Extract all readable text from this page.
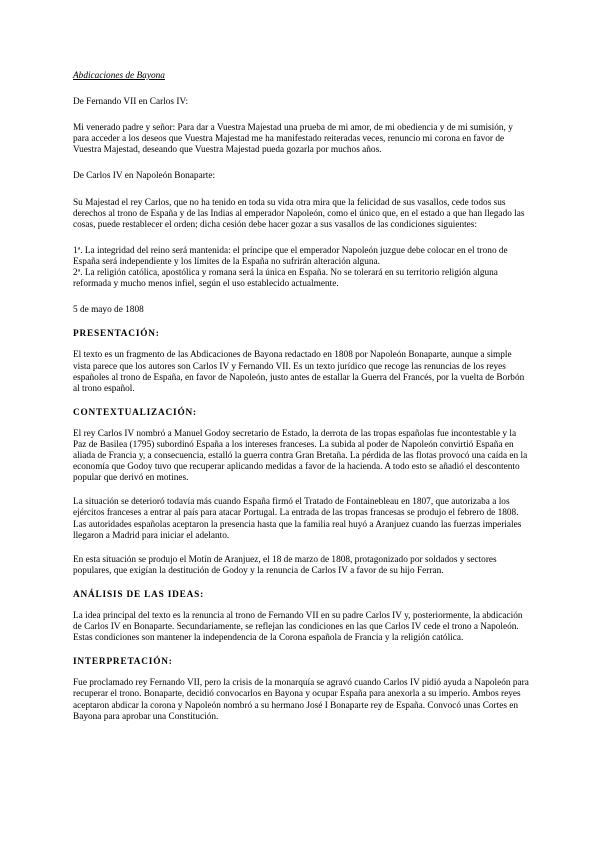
Abdicaciones de Bayona

De Fernando VII en Carlos IV:

Mi venerado padre y señor: Para dar a Vuestra Majestad una prueba de mi amor, de mi obediencia y de mi sumisión, y para acceder a los deseos que Vuestra Majestad me ha manifestado reiteradas veces, renuncio mi corona en favor de Vuestra Majestad, deseando que Vuestra Majestad pueda gozarla por muchos años.

De Carlos IV en Napoleón Bonaparte:

Su Majestad el rey Carlos, que no ha tenido en toda su vida otra mira que la felicidad de sus vasallos, cede todos sus derechos al trono de España y de las Indias al emperador Napoleón, como el único que, en el estado a que han llegado las cosas, puede restablecer el orden; dicha cesión debe hacer gozar a sus vasallos de las condiciones siguientes:

1ª. La integridad del reino será mantenida: el príncipe que el emperador Napoleón juzgue debe colocar en el trono de España será independiente y los límites de la España no sufrirán alteración alguna.

2ª. La religión católica, apostólica y romana será la única en España. No se tolerará en su territorio religión alguna reformada y mucho menos infiel, según el uso establecido actualmente.

5 de mayo de 1808

PRESENTACIÓN:

El texto es un fragmento de las Abdicaciones de Bayona redactado en 1808 por Napoleón Bonaparte, aunque a simple vista parece que los autores son Carlos IV y Fernando VII. Es un texto jurídico que recoge las renuncias de los reyes españoles al trono de España, en favor de Napoleón, justo antes de estallar la Guerra del Francés, por la vuelta de Borbón al trono español.

CONTEXTUALIZACIÓN:

El rey Carlos IV nombró a Manuel Godoy secretario de Estado, la derrota de las tropas españolas fue incontestable y la Paz de Basilea (1795) subordinó España a los intereses franceses. La subida al poder de Napoleón convirtió España en aliada de Francia y, a consecuencia, estalló la guerra contra Gran Bretaña. La pérdida de las flotas provocó una caída en la economía que Godoy tuvo que recuperar aplicando medidas a favor de la hacienda. A todo esto se añadió el descontento popular que derivó en motines.

La situación se deterioró todavía más cuando España firmó el Tratado de Fontainebleau en 1807, que autorizaba a los ejércitos franceses a entrar al país para atacar Portugal. La entrada de las tropas francesas se produjo el febrero de 1808. Las autoridades españolas aceptaron la presencia hasta que la familia real huyó a Aranjuez cuando las fuerzas imperiales llegaron a Madrid para iniciar el adelanto.

En esta situación se produjo el Motín de Aranjuez, el 18 de marzo de 1808, protagonizado por soldados y sectores populares, que exigían la destitución de Godoy y la renuncia de Carlos IV a favor de su hijo Ferran.

ANÁLISIS DE LAS IDEAS:

La idea principal del texto es la renuncia al trono de Fernando VII en su padre Carlos IV y, posteriormente, la abdicación de Carlos IV en Bonaparte. Secundariamente, se reflejan las condiciones en las que Carlos IV cede el trono a Napoleón. Estas condiciones son mantener la independencia de la Corona española de Francia y la religión católica.

INTERPRETACIÓN:

Fue proclamado rey Fernando VII, pero la crisis de la monarquía se agravó cuando Carlos IV pidió ayuda a Napoleón para recuperar el trono. Bonaparte, decidió convocarlos en Bayona y ocupar España para anexorla a su imperio. Ambos reyes aceptaron abdicar la corona y Napoleón nombró a su hermano José I Bonaparte rey de España. Convocó unas Cortes en Bayona para aprobar una Constitución.
